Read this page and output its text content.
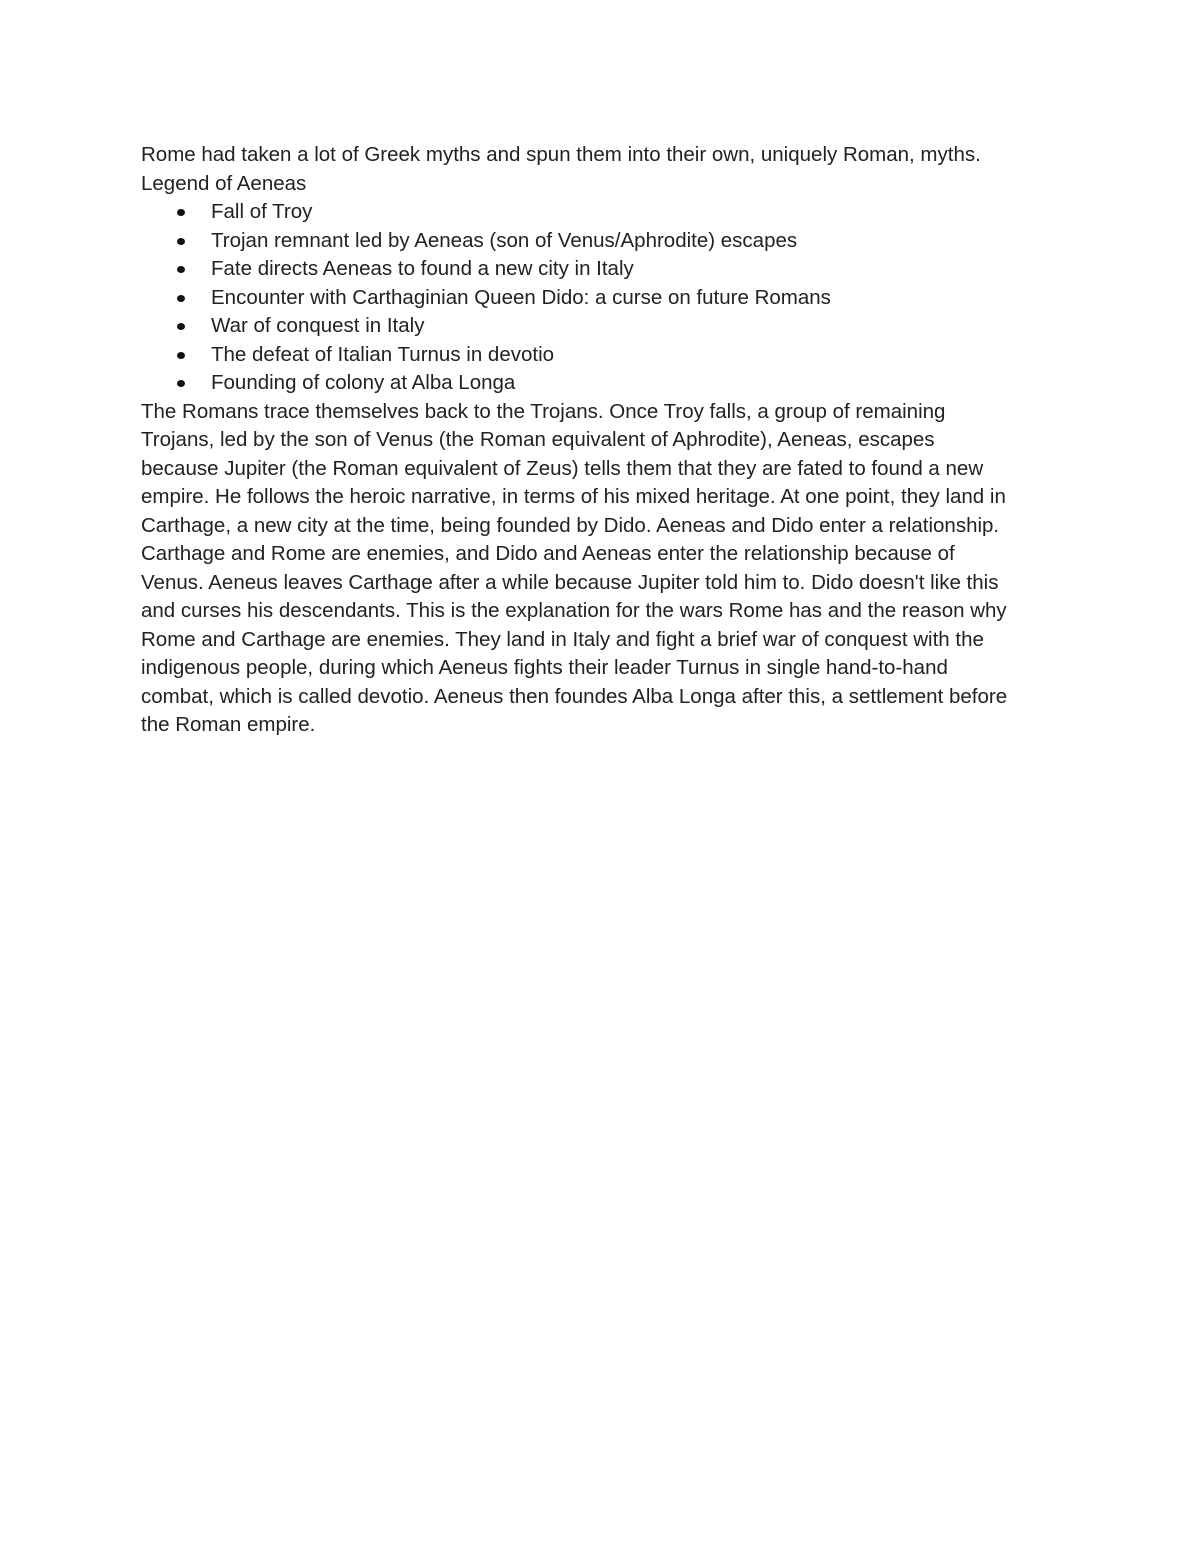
Rome had taken a lot of Greek myths and spun them into their own, uniquely Roman, myths.

Legend of Aeneas

Fall of Troy
Trojan remnant led by Aeneas (son of Venus/Aphrodite) escapes
Fate directs Aeneas to found a new city in Italy
Encounter with Carthaginian Queen Dido: a curse on future Romans
War of conquest in Italy
The defeat of Italian Turnus in devotio
Founding of colony at Alba Longa

The Romans trace themselves back to the Trojans. Once Troy falls, a group of remaining

Trojans, led by the son of Venus (the Roman equivalent of Aphrodite), Aeneas, escapes

because Jupiter (the Roman equivalent of Zeus) tells them that they are fated to found a new

empire. He follows the heroic narrative, in terms of his mixed heritage. At one point, they land in

Carthage, a new city at the time, being founded by Dido. Aeneas and Dido enter a relationship.

Carthage and Rome are enemies, and Dido and Aeneas enter the relationship because of

Venus. Aeneus leaves Carthage after a while because Jupiter told him to. Dido doesn't like this

and curses his descendants. This is the explanation for the wars Rome has and the reason why

Rome and Carthage are enemies. They land in Italy and fight a brief war of conquest with the

indigenous people, during which Aeneus fights their leader Turnus in single hand-to-hand

combat, which is called devotio. Aeneus then foundes Alba Longa after this, a settlement before

the Roman empire.
